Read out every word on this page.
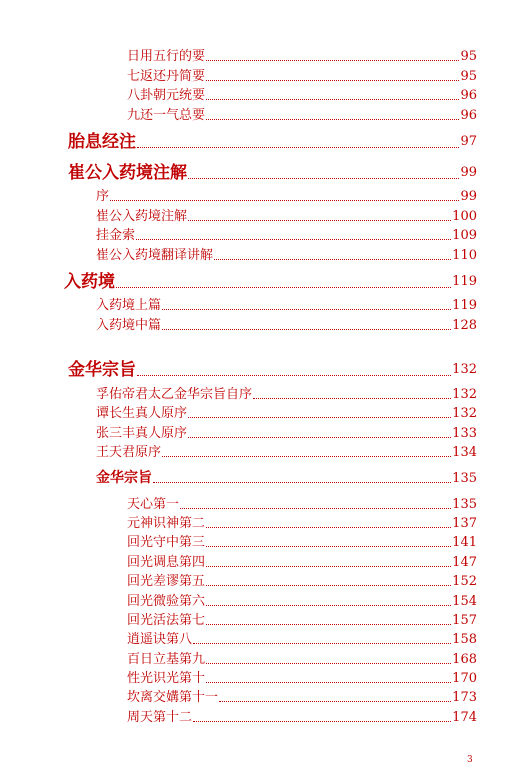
日用五行的要	95
七返还丹简要	95
八卦朝元统要	96
九还一气总要	96
胎息经注	97
崔公入药境注解	99
序	99
崔公入药境注解	100
挂金索	109
崔公入药境翻译讲解	110
入药境	119
入药境上篇	119
入药境中篇	128
金华宗旨	132
孚佑帝君太乙金华宗旨自序	132
谭长生真人原序	132
张三丰真人原序	133
王天君原序	134
金华宗旨	135
天心第一	135
元神识神第二	137
回光守中第三	141
回光调息第四	147
回光差谬第五	152
回光微验第六	154
回光活法第七	157
逍遥诀第八	158
百日立基第九	168
性光识光第十	170
坎离交媾第十一	173
周天第十二	174
3
